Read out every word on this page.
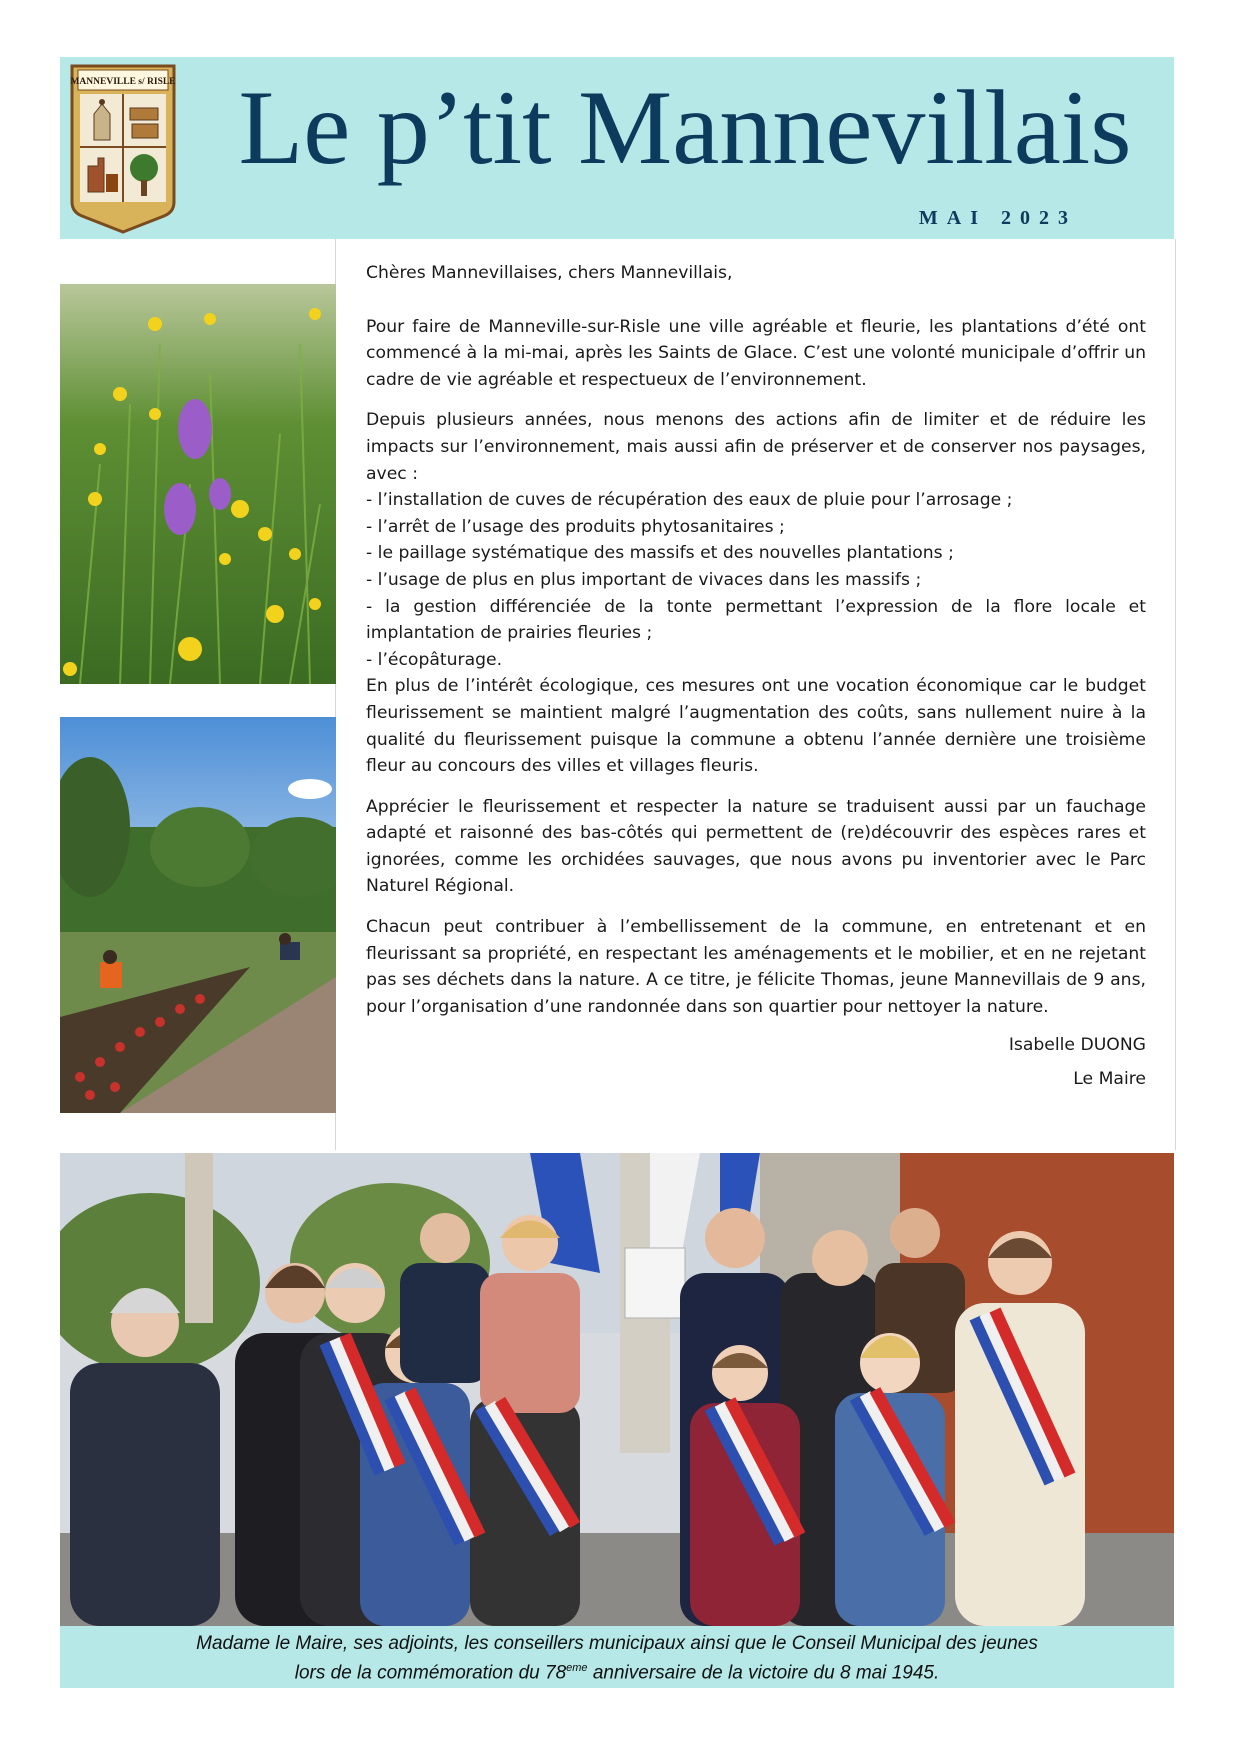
MANNEVILLE s/ RISLE Le p’tit Mannevillais
MAI 2023

Chères Mannevillaises, chers Mannevillais,

Pour faire de Manneville-sur-Risle une ville agréable et fleurie, les plantations d’été ont commencé à la mi-mai, après les Saints de Glace. C’est une volonté municipale d’offrir un cadre de vie agréable et respectueux de l’environnement.

Depuis plusieurs années, nous menons des actions afin de limiter et de réduire les impacts sur l’environnement, mais aussi afin de préserver et de conserver nos paysages, avec :

- l’installation de cuves de récupération des eaux de pluie pour l’arrosage ;
- l’arrêt de l’usage des produits phytosanitaires ;
- le paillage systématique des massifs et des nouvelles plantations ;
- l’usage de plus en plus important de vivaces dans les massifs ;
- la gestion différenciée de la tonte permettant l’expression de la flore locale et implantation de prairies fleuries ;
- l’écopâturage.

En plus de l’intérêt écologique, ces mesures ont une vocation économique car le budget fleurissement se maintient malgré l’augmentation des coûts, sans nullement nuire à la qualité du fleurissement puisque la commune a obtenu l’année dernière une troisième fleur au concours des villes et villages fleuris.

Apprécier le fleurissement et respecter la nature se traduisent aussi par un fauchage adapté et raisonné des bas-côtés qui permettent de (re)découvrir des espèces rares et ignorées, comme les orchidées sauvages, que nous avons pu inventorier avec le Parc Naturel Régional.

Chacun peut contribuer à l’embellissement de la commune, en entretenant et en fleurissant sa propriété, en respectant les aménagements et le mobilier, et en ne rejetant pas ses déchets dans la nature. A ce titre, je félicite Thomas, jeune Mannevillais de 9 ans, pour l’organisation d’une randonnée dans son quartier pour nettoyer la nature.

Isabelle DUONG
Le Maire
Madame le Maire, ses adjoints, les conseillers municipaux ainsi que le Conseil Municipal des jeunes
lors de la commémoration du 78eme anniversaire de la victoire du 8 mai 1945.
